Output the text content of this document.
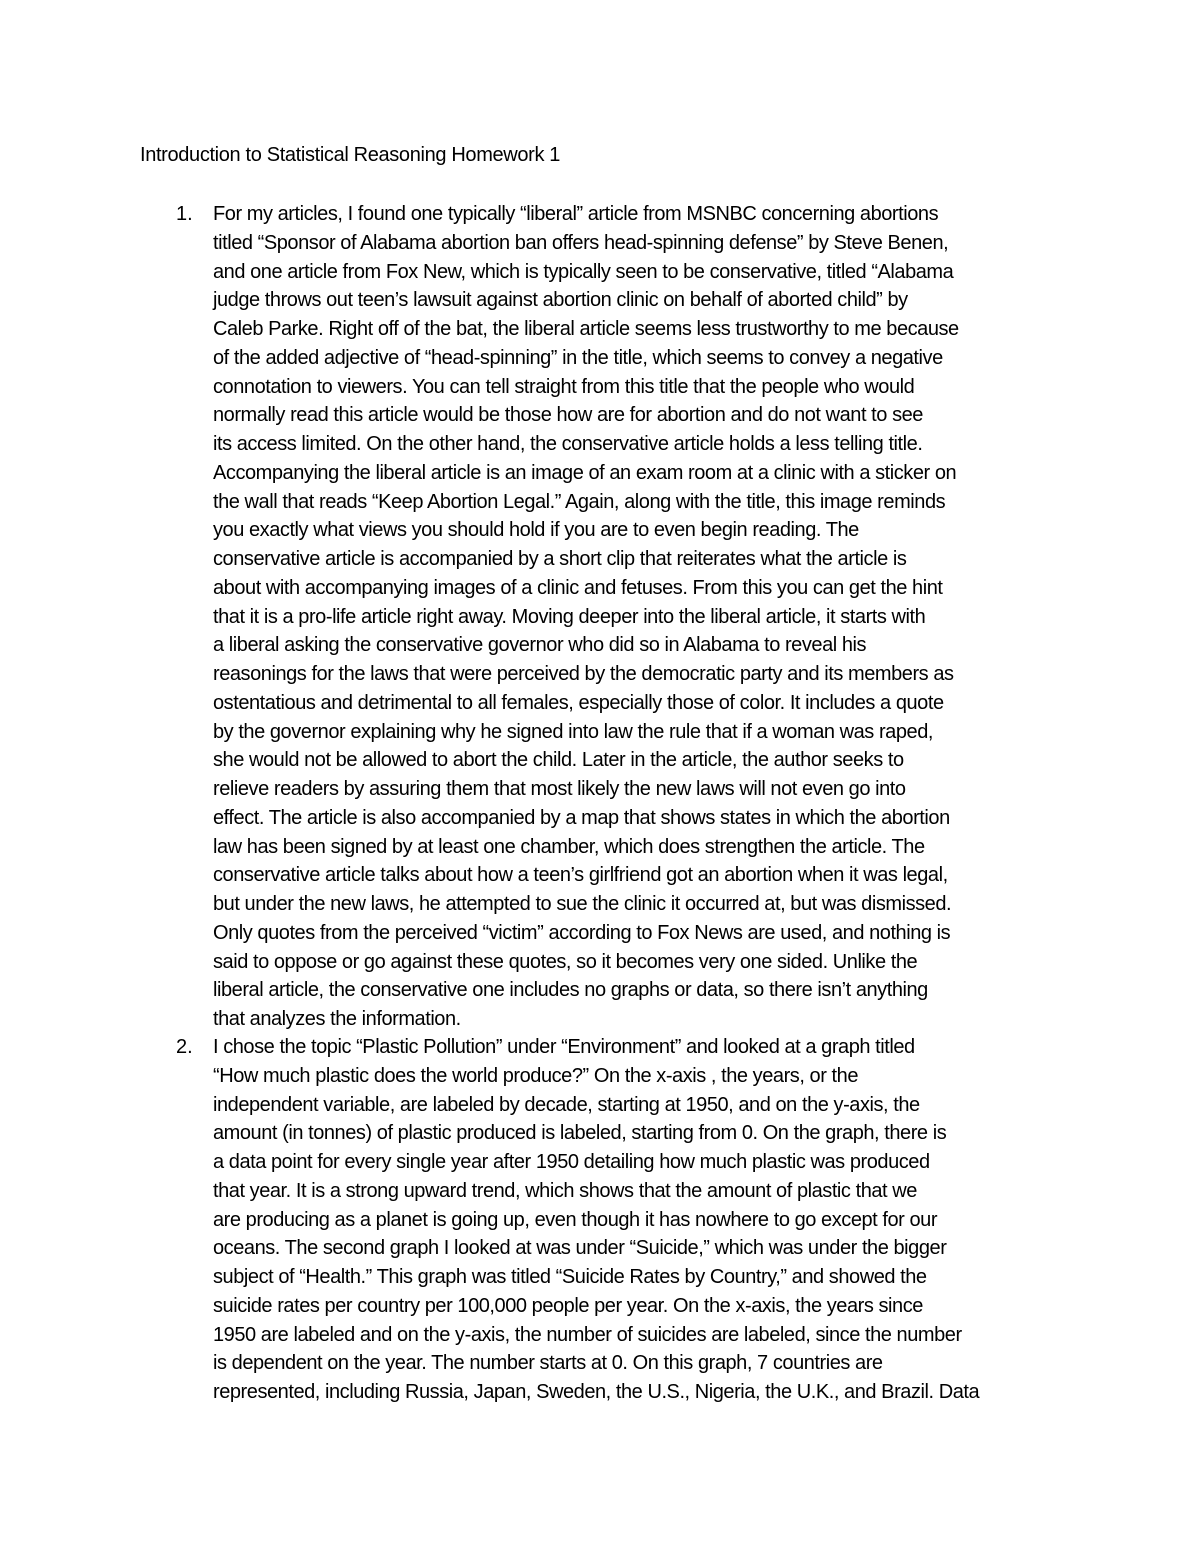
Introduction to Statistical Reasoning Homework 1
1. For my articles, I found one typically “liberal” article from MSNBC concerning abortions
titled “Sponsor of Alabama abortion ban offers head-spinning defense” by Steve Benen,
and one article from Fox New, which is typically seen to be conservative, titled “Alabama
judge throws out teen’s lawsuit against abortion clinic on behalf of aborted child” by
Caleb Parke. Right off of the bat, the liberal article seems less trustworthy to me because
of the added adjective of “head-spinning” in the title, which seems to convey a negative
connotation to viewers. You can tell straight from this title that the people who would
normally read this article would be those how are for abortion and do not want to see
its access limited. On the other hand, the conservative article holds a less telling title.
Accompanying the liberal article is an image of an exam room at a clinic with a sticker on
the wall that reads “Keep Abortion Legal.” Again, along with the title, this image reminds
you exactly what views you should hold if you are to even begin reading. The
conservative article is accompanied by a short clip that reiterates what the article is
about with accompanying images of a clinic and fetuses. From this you can get the hint
that it is a pro-life article right away. Moving deeper into the liberal article, it starts with
a liberal asking the conservative governor who did so in Alabama to reveal his
reasonings for the laws that were perceived by the democratic party and its members as
ostentatious and detrimental to all females, especially those of color. It includes a quote
by the governor explaining why he signed into law the rule that if a woman was raped,
she would not be allowed to abort the child. Later in the article, the author seeks to
relieve readers by assuring them that most likely the new laws will not even go into
effect. The article is also accompanied by a map that shows states in which the abortion
law has been signed by at least one chamber, which does strengthen the article. The
conservative article talks about how a teen’s girlfriend got an abortion when it was legal,
but under the new laws, he attempted to sue the clinic it occurred at, but was dismissed.
Only quotes from the perceived “victim” according to Fox News are used, and nothing is
said to oppose or go against these quotes, so it becomes very one sided. Unlike the
liberal article, the conservative one includes no graphs or data, so there isn’t anything
that analyzes the information.
2. I chose the topic “Plastic Pollution” under “Environment” and looked at a graph titled
“How much plastic does the world produce?” On the x-axis , the years, or the
independent variable, are labeled by decade, starting at 1950, and on the y-axis, the
amount (in tonnes) of plastic produced is labeled, starting from 0. On the graph, there is
a data point for every single year after 1950 detailing how much plastic was produced
that year. It is a strong upward trend, which shows that the amount of plastic that we
are producing as a planet is going up, even though it has nowhere to go except for our
oceans. The second graph I looked at was under “Suicide,” which was under the bigger
subject of “Health.” This graph was titled “Suicide Rates by Country,” and showed the
suicide rates per country per 100,000 people per year. On the x-axis, the years since
1950 are labeled and on the y-axis, the number of suicides are labeled, since the number
is dependent on the year. The number starts at 0. On this graph, 7 countries are
represented, including Russia, Japan, Sweden, the U.S., Nigeria, the U.K., and Brazil. Data
